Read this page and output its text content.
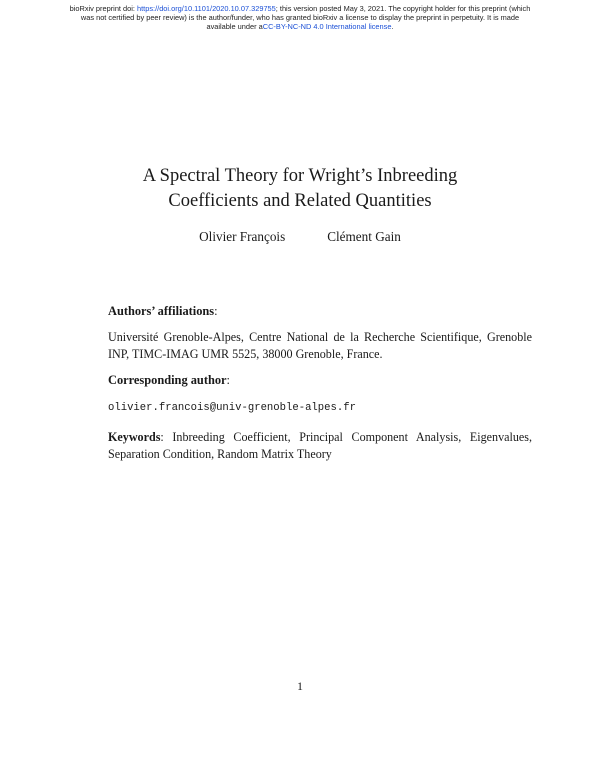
bioRxiv preprint doi: https://doi.org/10.1101/2020.10.07.329755; this version posted May 3, 2021. The copyright holder for this preprint (which
was not certified by peer review) is the author/funder, who has granted bioRxiv a license to display the preprint in perpetuity. It is made
available under aCC-BY-NC-ND 4.0 International license.
A Spectral Theory for Wright’s Inbreeding
Coefficients and Related Quantities
Olivier François	Clément Gain
Authors’ affiliations:
Université Grenoble-Alpes, Centre National de la Recherche Scientifique, Grenoble INP, TIMC-IMAG UMR 5525, 38000 Grenoble, France.
Corresponding author:
olivier.francois@univ-grenoble-alpes.fr
Keywords: Inbreeding Coefficient, Principal Component Analysis, Eigenvalues, Separation Condition, Random Matrix Theory
1
